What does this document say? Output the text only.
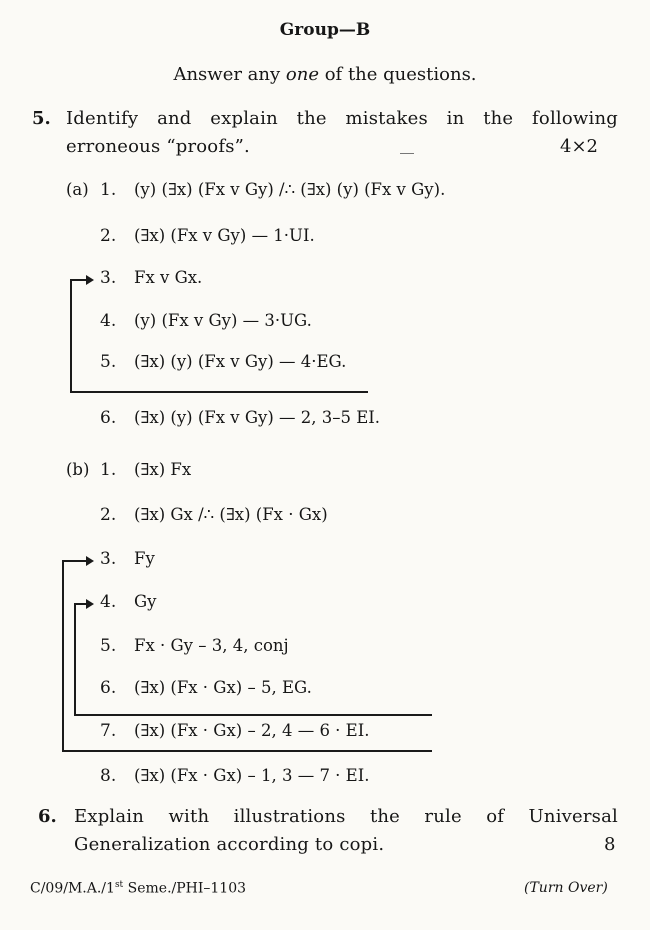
Group—B
Answer any one of the questions.
5. Identify and explain the mistakes in the following
erroneous “proofs”.	4×2
(a) 1. (y) (∃x) (Fx v Gy) /∴ (∃x) (y) (Fx v Gy).
2. (∃x) (Fx v Gy) — 1·UI.
3. Fx v Gx.
4. (y) (Fx v Gy) — 3·UG.
5. (∃x) (y) (Fx v Gy) — 4·EG.
6. (∃x) (y) (Fx v Gy) — 2, 3–5 EI.
(b) 1. (∃x) Fx
2. (∃x) Gx /∴ (∃x) (Fx · Gx)
3. Fy
4. Gy
5. Fx · Gy – 3, 4, conj
6. (∃x) (Fx · Gx) – 5, EG.
7. (∃x) (Fx · Gx) – 2, 4 — 6 · EI.
8. (∃x) (Fx · Gx) – 1, 3 — 7 · EI.
6. Explain with illustrations the rule of Universal
Generalization according to copi.	8
C/09/M.A./1st Seme./PHI–1103	(Turn Over)
